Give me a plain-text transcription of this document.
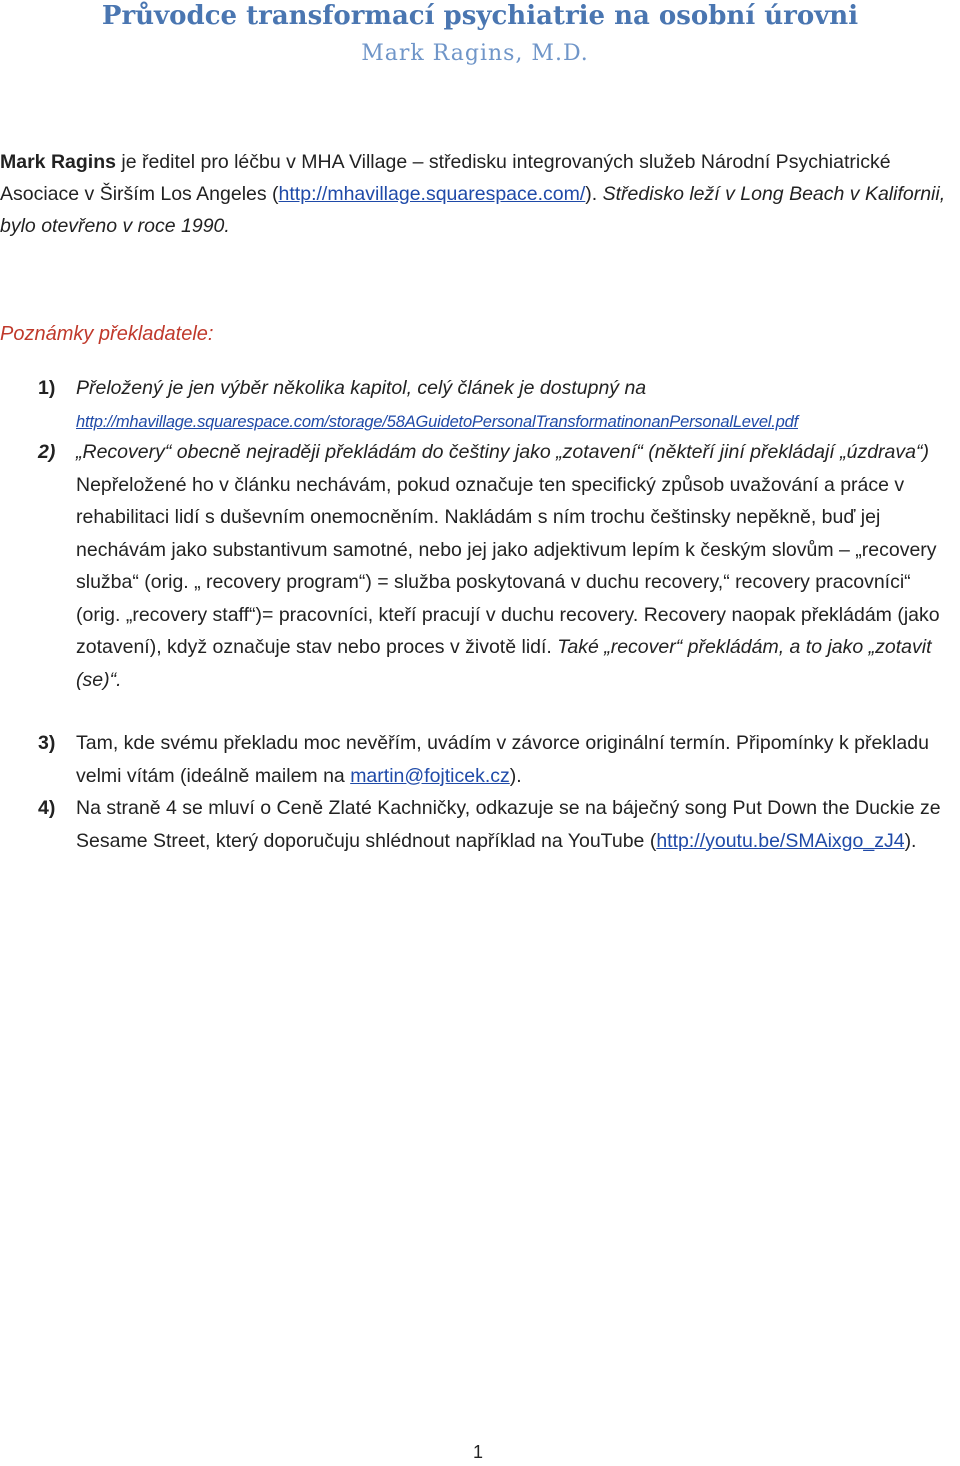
Průvodce transformací psychiatrie na osobní úrovni
Mark Ragins, M.D.

Mark Ragins je ředitel pro léčbu v MHA Village – středisku integrovaných služeb Národní Psychiatrické Asociace v Širším Los Angeles (http://mhavillage.squarespace.com/). Středisko leží v Long Beach v Kalifornii, bylo otevřeno v roce 1990.

Poznámky překladatele:
1) Přeložený je jen výběr několika kapitol, celý článek je dostupný na
http://mhavillage.squarespace.com/storage/58AGuidetoPersonalTransformatinonanPersonalLevel.pdf
2) „Recovery“ obecně nejraději překládám do češtiny jako „zotavení“ (někteří jiní překládají „úzdrava“)
Nepřeložené ho v článku nechávám, pokud označuje ten specifický způsob uvažování a práce v rehabilitaci lidí s duševním onemocněním. Nakládám s ním trochu češtinsky nepěkně, buď jej nechávám jako substantivum samotné, nebo jej jako adjektivum lepím k českým slovům – „recovery služba“ (orig. „ recovery program“) = služba poskytovaná v duchu recovery,“ recovery pracovníci“ (orig. „recovery staff“)= pracovníci, kteří pracují v duchu recovery. Recovery naopak překládám (jako zotavení), když označuje stav nebo proces v životě lidí. Také „recover“ překládám, a to jako „zotavit (se)“.
3) Tam, kde svému překladu moc nevěřím, uvádím v závorce originální termín. Připomínky k překladu velmi vítám (ideálně mailem na martin@fojticek.cz).
4) Na straně 4 se mluví o Ceně Zlaté Kachničky, odkazuje se na báječný song Put Down the Duckie ze Sesame Street, který doporučuju shlédnout například na YouTube (http://youtu.be/SMAixgo_zJ4).
1
